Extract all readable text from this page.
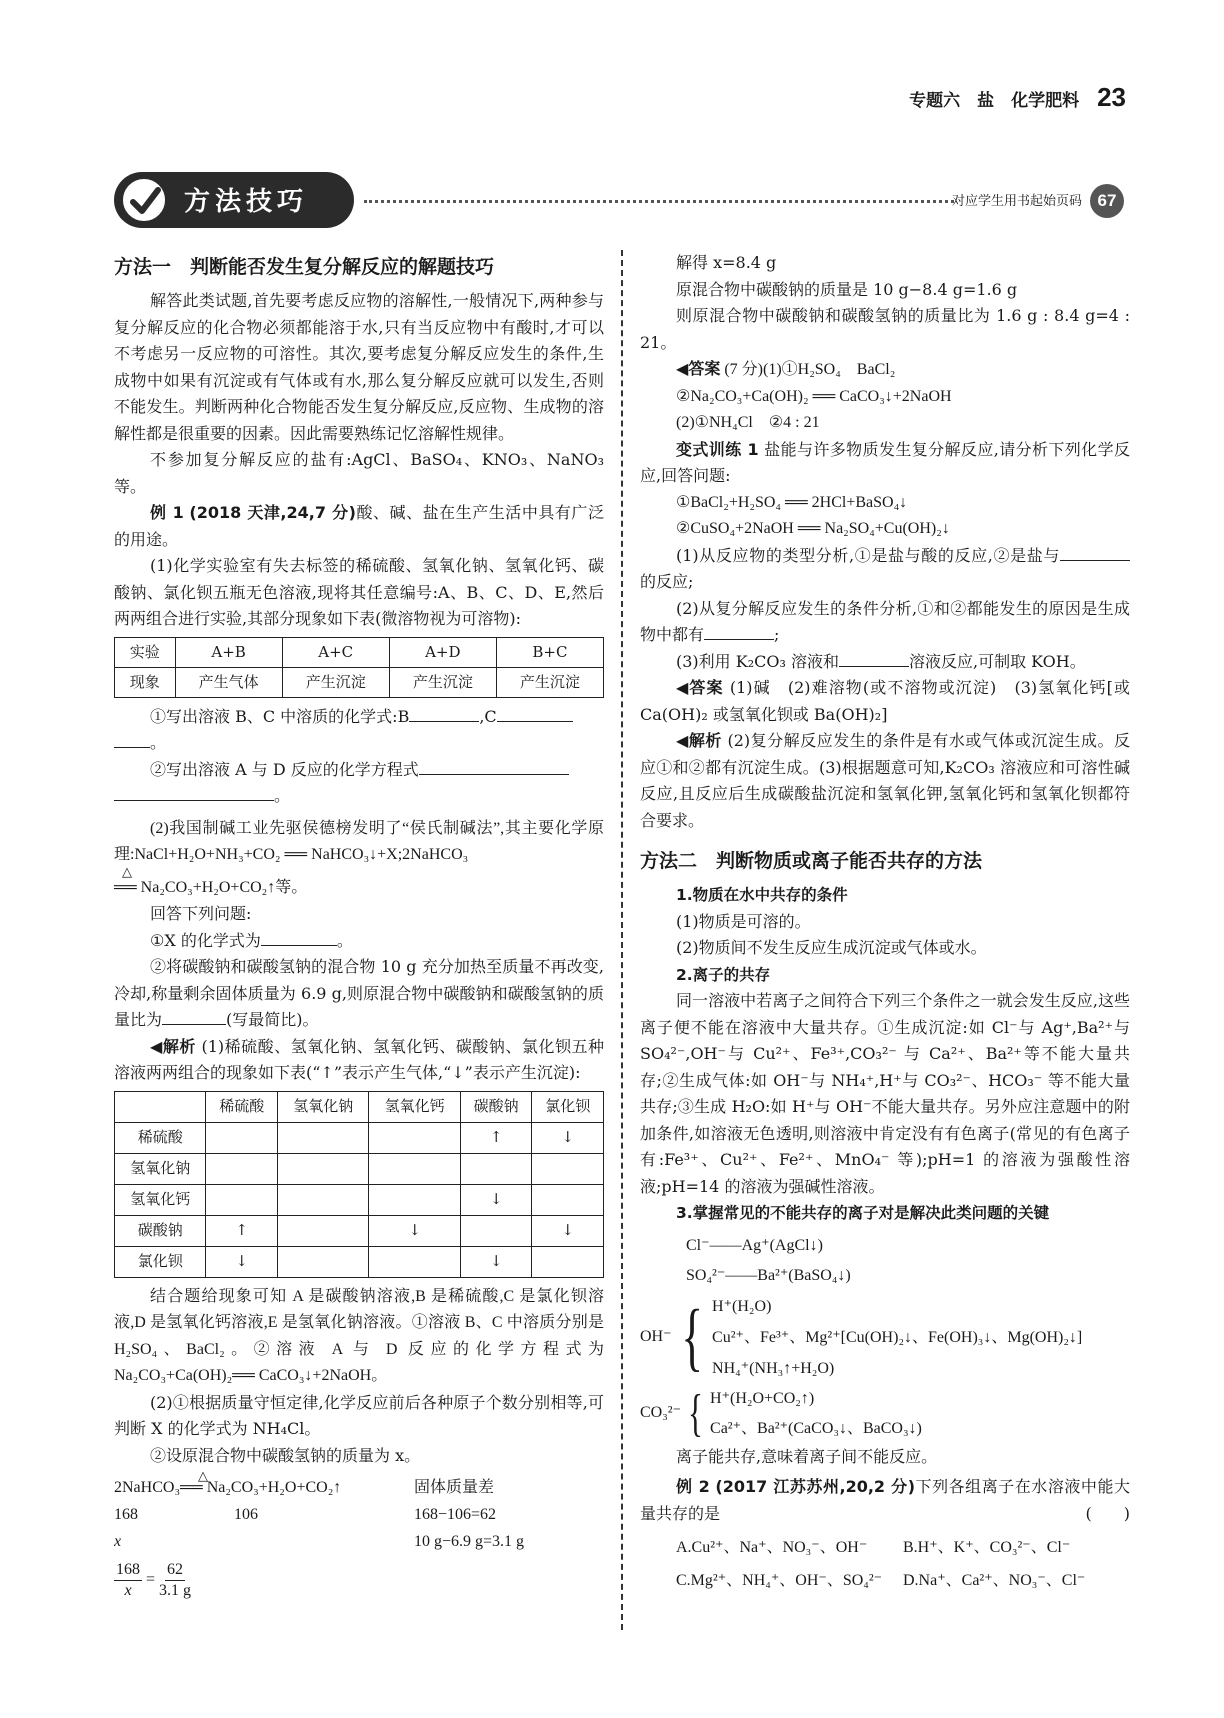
专题六　盐　化学肥料 23
方法技巧	对应学生用书起始页码 67
方法一　判断能否发生复分解反应的解题技巧

解答此类试题,首先要考虑反应物的溶解性,一般情况下,两种参与复分解反应的化合物必须都能溶于水,只有当反应物中有酸时,才可以不考虑另一反应物的可溶性。其次,要考虑复分解反应发生的条件,生成物中如果有沉淀或有气体或有水,那么复分解反应就可以发生,否则不能发生。判断两种化合物能否发生复分解反应,反应物、生成物的溶解性都是很重要的因素。因此需要熟练记忆溶解性规律。

不参加复分解反应的盐有:AgCl、BaSO₄、KNO₃、NaNO₃ 等。

例 1 (2018 天津,24,7 分)酸、碱、盐在生产生活中具有广泛的用途。

(1)化学实验室有失去标签的稀硫酸、氢氧化钠、氢氧化钙、碳酸钠、氯化钡五瓶无色溶液,现将其任意编号:A、B、C、D、E,然后两两组合进行实验,其部分现象如下表(微溶物视为可溶物):

实验	A+B	A+C	A+D	B+C
现象	产生气体	产生沉淀	产生沉淀	产生沉淀

①写出溶液 B、C 中溶质的化学式:B	,C

。

②写出溶液 A 与 D 反应的化学方程式

。

(2)我国制碱工业先驱侯德榜发明了“侯氏制碱法”,其主要化学原理:NaCl+H₂O+NH₃+CO₂ ══ NaHCO₃↓+X;2NaHCO₃

△
══ Na₂CO₃+H₂O+CO₂↑等。

回答下列问题:

①X 的化学式为	。

②将碳酸钠和碳酸氢钠的混合物 10 g 充分加热至质量不再改变,冷却,称量剩余固体质量为 6.9 g,则原混合物中碳酸钠和碳酸氢钠的质量比为	(写最简比)。

◀解析 (1)稀硫酸、氢氧化钠、氢氧化钙、碳酸钠、氯化钡五种溶液两两组合的现象如下表(“↑”表示产生气体,“↓”表示产生沉淀):

	稀硫酸	氢氧化钠	氢氧化钙	碳酸钠	氯化钡
稀硫酸				↑	↓
氢氧化钠					
氢氧化钙				↓	
碳酸钠	↑		↓		↓
氯化钡	↓			↓	

结合题给现象可知 A 是碳酸钠溶液,B 是稀硫酸,C 是氯化钡溶液,D 是氢氧化钙溶液,E 是氢氧化钠溶液。①溶液 B、C 中溶质分别是H₂SO₄、BaCl₂。②溶液 A 与 D 反应的化学方程式为Na₂CO₃+Ca(OH)₂══ CaCO₃↓+2NaOH。

(2)①根据质量守恒定律,化学反应前后各种原子个数分别相等,可判断 X 的化学式为 NH₄Cl。

②设原混合物中碳酸氢钠的质量为 x。

△
2NaHCO₃══ Na₂CO₃+H₂O+CO₂↑	固体质量差
168	106	168−106=62
x	10 g−6.9 g=3.1 g
$\frac{168}{x} = \frac{62}{3.1 g}$

解得 x=8.4 g

原混合物中碳酸钠的质量是 10 g−8.4 g=1.6 g

则原混合物中碳酸钠和碳酸氢钠的质量比为 1.6 g : 8.4 g=4 : 21。

◀答案 (7 分)(1)①H₂SO₄　BaCl₂

②Na₂CO₃+Ca(OH)₂ ══ CaCO₃↓+2NaOH

(2)①NH₄Cl　②4 : 21

变式训练 1 盐能与许多物质发生复分解反应,请分析下列化学反应,回答问题:

①BaCl₂+H₂SO₄ ══ 2HCl+BaSO₄↓

②CuSO₄+2NaOH ══ Na₂SO₄+Cu(OH)₂↓

(1)从反应物的类型分析,①是盐与酸的反应,②是盐与的反应;

(2)从复分解反应发生的条件分析,①和②都能发生的原因是生成物中都有	;

(3)利用 K₂CO₃ 溶液和	溶液反应,可制取 KOH。

◀答案 (1)碱　(2)难溶物(或不溶物或沉淀)　(3)氢氧化钙[或 Ca(OH)₂ 或氢氧化钡或 Ba(OH)₂]

◀解析 (2)复分解反应发生的条件是有水或气体或沉淀生成。反应①和②都有沉淀生成。(3)根据题意可知,K₂CO₃ 溶液应和可溶性碱反应,且反应后生成碳酸盐沉淀和氢氧化钾,氢氧化钙和氢氧化钡都符合要求。

方法二　判断物质或离子能否共存的方法
1.物质在水中共存的条件

(1)物质是可溶的。

(2)物质间不发生反应生成沉淀或气体或水。

2.离子的共存

同一溶液中若离子之间符合下列三个条件之一就会发生反应,这些离子便不能在溶液中大量共存。①生成沉淀:如 Cl⁻与 Ag⁺,Ba²⁺与 SO₄²⁻,OH⁻与 Cu²⁺、Fe³⁺,CO₃²⁻ 与 Ca²⁺、Ba²⁺等不能大量共存;②生成气体:如 OH⁻与 NH₄⁺,H⁺与 CO₃²⁻、HCO₃⁻ 等不能大量共存;③生成 H₂O:如 H⁺与 OH⁻不能大量共存。另外应注意题中的附加条件,如溶液无色透明,则溶液中肯定没有有色离子(常见的有色离子有:Fe³⁺、Cu²⁺、Fe²⁺、MnO₄⁻ 等);pH=1 的溶液为强酸性溶液;pH=14 的溶液为强碱性溶液。

3.掌握常见的不能共存的离子对是解决此类问题的关键

Cl⁻——Ag⁺(AgCl↓)

SO₄²⁻——Ba²⁺(BaSO₄↓)

OH⁻ { H⁺(H₂O)
Cu²⁺、Fe³⁺、Mg²⁺[Cu(OH)₂↓、Fe(OH)₃↓、Mg(OH)₂↓]
NH₄⁺(NH₃↑+H₂O)
CO₃²⁻ { H⁺(H₂O+CO₂↑)
Ca²⁺、Ba²⁺(CaCO₃↓、BaCO₃↓)

离子能共存,意味着离子间不能反应。

例 2 (2017 江苏苏州,20,2 分)下列各组离子在水溶液中能大量共存的是	(　　)

A.Cu²⁺、Na⁺、NO₃⁻、OH⁻	B.H⁺、K⁺、CO₃²⁻、Cl⁻
C.Mg²⁺、NH₄⁺、OH⁻、SO₄²⁻	D.Na⁺、Ca²⁺、NO₃⁻、Cl⁻
